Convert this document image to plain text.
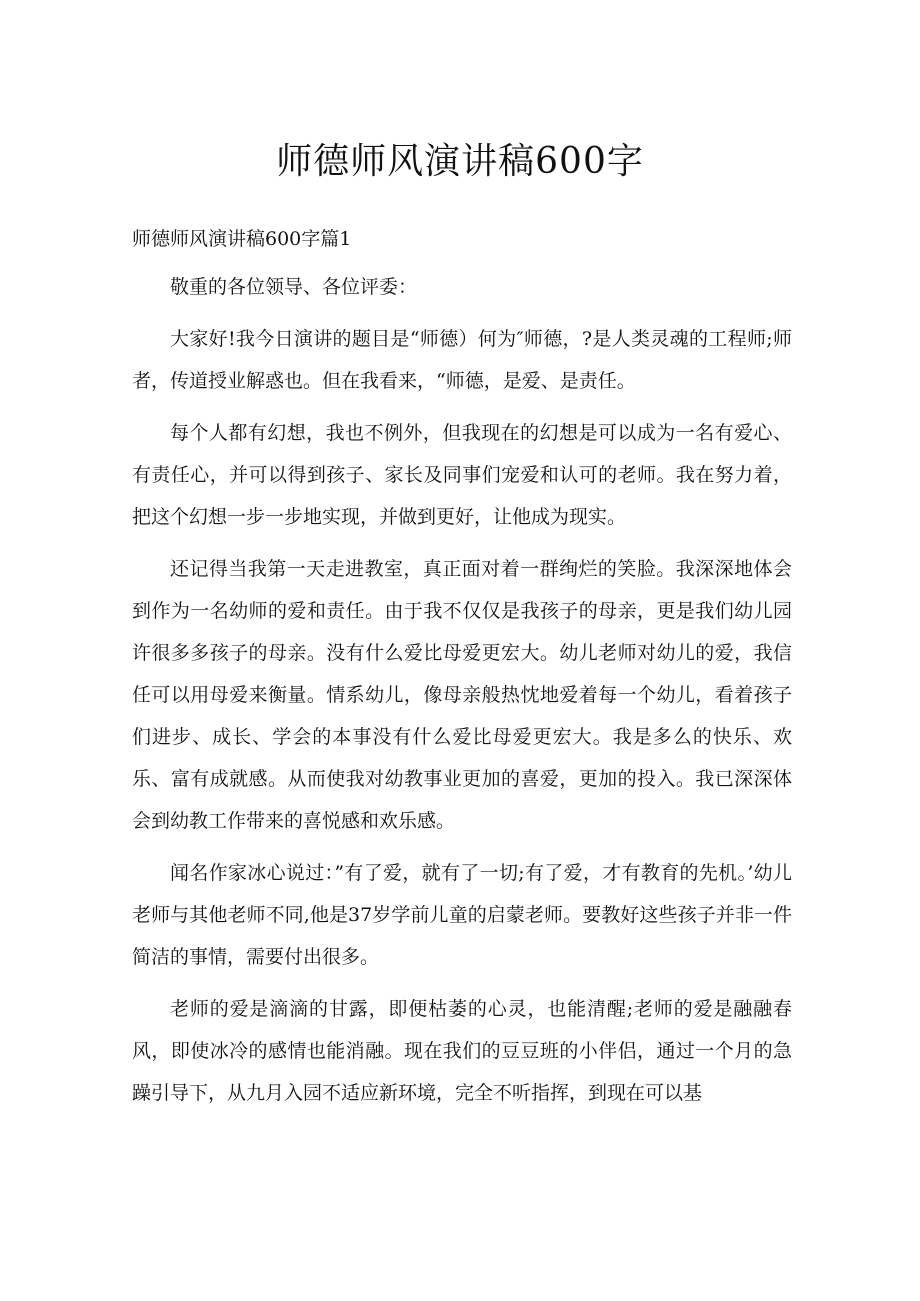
师德师风演讲稿600字

师德师风演讲稿600字篇1

敬重的各位领导、各位评委：

大家好!我今日演讲的题目是“师德）何为″师德，?是人类灵魂的工程师;师者，传道授业解惑也。但在我看来，“师德，是爱、是责任。

每个人都有幻想，我也不例外，但我现在的幻想是可以成为一名有爱心、有责任心，并可以得到孩子、家长及同事们宠爱和认可的老师。我在努力着，把这个幻想一步一步地实现，并做到更好，让他成为现实。

还记得当我第一天走进教室，真正面对着一群绚烂的笑脸。我深深地体会到作为一名幼师的爱和责任。由于我不仅仅是我孩子的母亲，更是我们幼儿园许很多多孩子的母亲。没有什么爱比母爱更宏大。幼儿老师对幼儿的爱，我信任可以用母爱来衡量。情系幼儿，像母亲般热忱地爱着每一个幼儿，看着孩子们进步、成长、学会的本事没有什么爱比母爱更宏大。我是多么的快乐、欢乐、富有成就感。从而使我对幼教事业更加的喜爱，更加的投入。我已深深体会到幼教工作带来的喜悦感和欢乐感。

闻名作家冰心说过：”有了爱，就有了一切;有了爱，才有教育的先机。’幼儿老师与其他老师不同,他是37岁学前儿童的启蒙老师。要教好这些孩子并非一件简洁的事情，需要付出很多。

老师的爱是滴滴的甘露，即便枯萎的心灵，也能清醒;老师的爱是融融春风，即使冰冷的感情也能消融。现在我们的豆豆班的小伴侣，通过一个月的急躁引导下，从九月入园不适应新环境，完全不听指挥，到现在可以基
